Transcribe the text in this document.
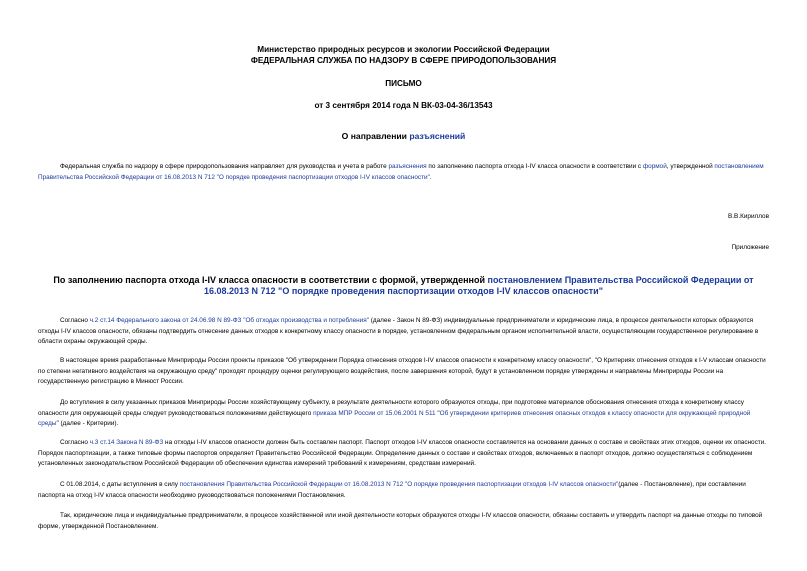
Министерство природных ресурсов и экологии Российской Федерации
ФЕДЕРАЛЬНАЯ СЛУЖБА ПО НАДЗОРУ В СФЕРЕ ПРИРОДОПОЛЬЗОВАНИЯ
ПИСЬМО
от 3 сентября 2014 года N ВК-03-04-36/13543
О направлении разъяснений
Федеральная служба по надзору в сфере природопользования направляет для руководства и учета в работе разъяснения по заполнению паспорта отхода I-IV класса опасности в соответствии с формой, утвержденной постановлением Правительства Российской Федерации от 16.08.2013 N 712 "О порядке проведения паспортизации отходов I-IV классов опасности".
В.В.Кириллов
Приложение
По заполнению паспорта отхода I-IV класса опасности в соответствии с формой, утвержденной постановлением Правительства Российской Федерации от 16.08.2013 N 712 "О порядке проведения паспортизации отходов I-IV классов опасности"
Согласно ч.2 ст.14 Федерального закона от 24.06.98 N 89-ФЗ "Об отходах производства и потребления" (далее - Закон N 89-ФЗ) индивидуальные предприниматели и юридические лица, в процессе деятельности которых образуются отходы I-IV классов опасности, обязаны подтвердить отнесение данных отходов к конкретному классу опасности в порядке, установленном федеральным органом исполнительной власти, осуществляющим государственное регулирование в области охраны окружающей среды.
В настоящее время разработанные Минприроды России проекты приказов "Об утверждении Порядка отнесения отходов I-IV классов опасности к конкретному классу опасности", "О Критериях отнесения отходов к I-V классам опасности по степени негативного воздействия на окружающую среду" проходят процедуру оценки регулирующего воздействия, после завершения которой, будут в установленном порядке утверждены и направлены Минприроды России на государственную регистрацию в Минюст России.
До вступления в силу указанных приказов Минприроды России хозяйствующему субъекту, в результате деятельности которого образуются отходы, при подготовке материалов обоснования отнесения отхода к конкретному классу опасности для окружающей среды следует руководствоваться положениями действующего приказа МПР России от 15.06.2001 N 511 "Об утверждении критериев отнесения опасных отходов к классу опасности для окружающей природной среды" (далее - Критерии).
Согласно ч.3 ст.14 Закона N 89-ФЗ на отходы I-IV классов опасности должен быть составлен паспорт. Паспорт отходов I-IV классов опасности составляется на основании данных о составе и свойствах этих отходов, оценки их опасности. Порядок паспортизации, а также типовые формы паспортов определяет Правительство Российской Федерации. Определение данных о составе и свойствах отходов, включаемых в паспорт отходов, должно осуществляться с соблюдением установленных законодательством Российской Федерации об обеспечении единства измерений требований к измерениям, средствам измерений.
С 01.08.2014, с даты вступления в силу постановления Правительства Российской Федерации от 16.08.2013 N 712 "О порядке проведения паспортизации отходов I-IV классов опасности"(далее - Постановление), при составлении паспорта на отход I-IV класса опасности необходимо руководствоваться положениями Постановления.
Так, юридические лица и индивидуальные предприниматели, в процессе хозяйственной или иной деятельности которых образуются отходы I-IV классов опасности, обязаны составить и утвердить паспорт на данные отходы по типовой форме, утвержденной Постановлением.
